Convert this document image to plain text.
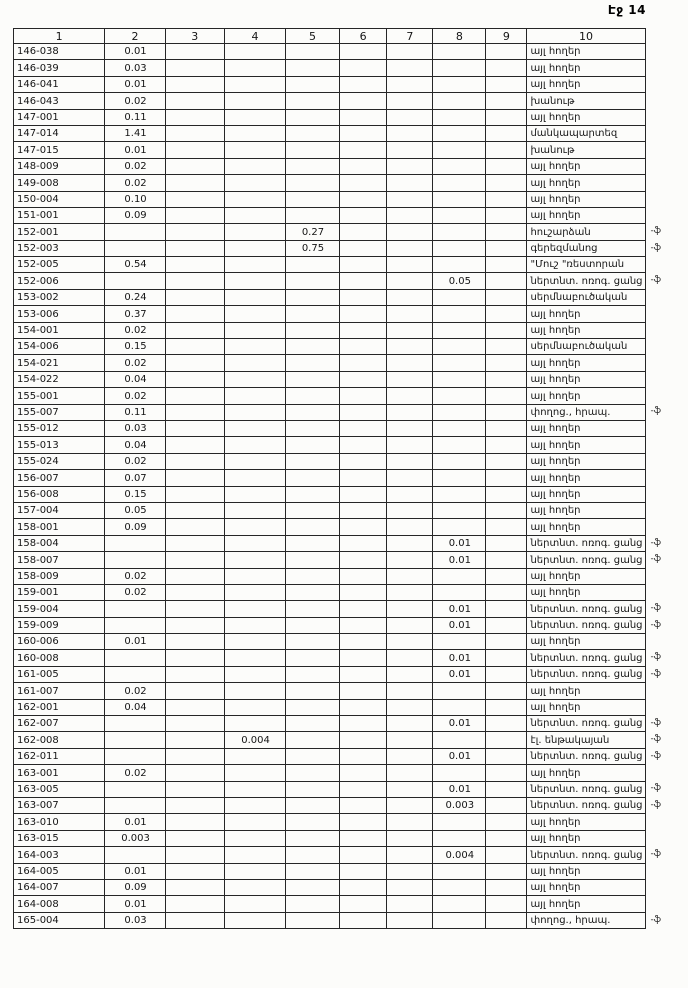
Էջ 14
1	2	3	4	5	6	7	8	9	10	
146-038	0.01								այլ հողեր	
146-039	0.03								այլ հողեր	
146-041	0.01								այլ հողեր	
146-043	0.02								խանութ	
147-001	0.11								այլ հողեր	
147-014	1.41								մանկապարտեզ	
147-015	0.01								խանութ	
148-009	0.02								այլ հողեր	
149-008	0.02								այլ հողեր	
150-004	0.10								այլ հողեր	
151-001	0.09								այլ հողեր	
152-001				0.27					հուշարձան	-ֆ
152-003				0.75					գերեզմանոց	-ֆ
152-005	0.54								"Մուշ "ռեստորան	
152-006							0.05		ներտնտ. ոռոգ. ցանց	-ֆ
153-002	0.24								սերմնաբուծական	
153-006	0.37								այլ հողեր	
154-001	0.02								այլ հողեր	
154-006	0.15								սերմնաբուծական	
154-021	0.02								այլ հողեր	
154-022	0.04								այլ հողեր	
155-001	0.02								այլ հողեր	
155-007	0.11								փողոց., հրապ.	-ֆ
155-012	0.03								այլ հողեր	
155-013	0.04								այլ հողեր	
155-024	0.02								այլ հողեր	
156-007	0.07								այլ հողեր	
156-008	0.15								այլ հողեր	
157-004	0.05								այլ հողեր	
158-001	0.09								այլ հողեր	
158-004							0.01		ներտնտ. ոռոգ. ցանց	-ֆ
158-007							0.01		ներտնտ. ոռոգ. ցանց	-ֆ
158-009	0.02								այլ հողեր	
159-001	0.02								այլ հողեր	
159-004							0.01		ներտնտ. ոռոգ. ցանց	-ֆ
159-009							0.01		ներտնտ. ոռոգ. ցանց	-ֆ
160-006	0.01								այլ հողեր	
160-008							0.01		ներտնտ. ոռոգ. ցանց	-ֆ
161-005							0.01		ներտնտ. ոռոգ. ցանց	-ֆ
161-007	0.02								այլ հողեր	
162-001	0.04								այլ հողեր	
162-007							0.01		ներտնտ. ոռոգ. ցանց	-ֆ
162-008			0.004						էլ. ենթակայան	-ֆ
162-011							0.01		ներտնտ. ոռոգ. ցանց	-ֆ
163-001	0.02								այլ հողեր	
163-005							0.01		ներտնտ. ոռոգ. ցանց	-ֆ
163-007							0.003		ներտնտ. ոռոգ. ցանց	-ֆ
163-010	0.01								այլ հողեր	
163-015	0.003								այլ հողեր	
164-003							0.004		ներտնտ. ոռոգ. ցանց	-ֆ
164-005	0.01								այլ հողեր	
164-007	0.09								այլ հողեր	
164-008	0.01								այլ հողեր	
165-004	0.03								փողոց., հրապ.	-ֆ
